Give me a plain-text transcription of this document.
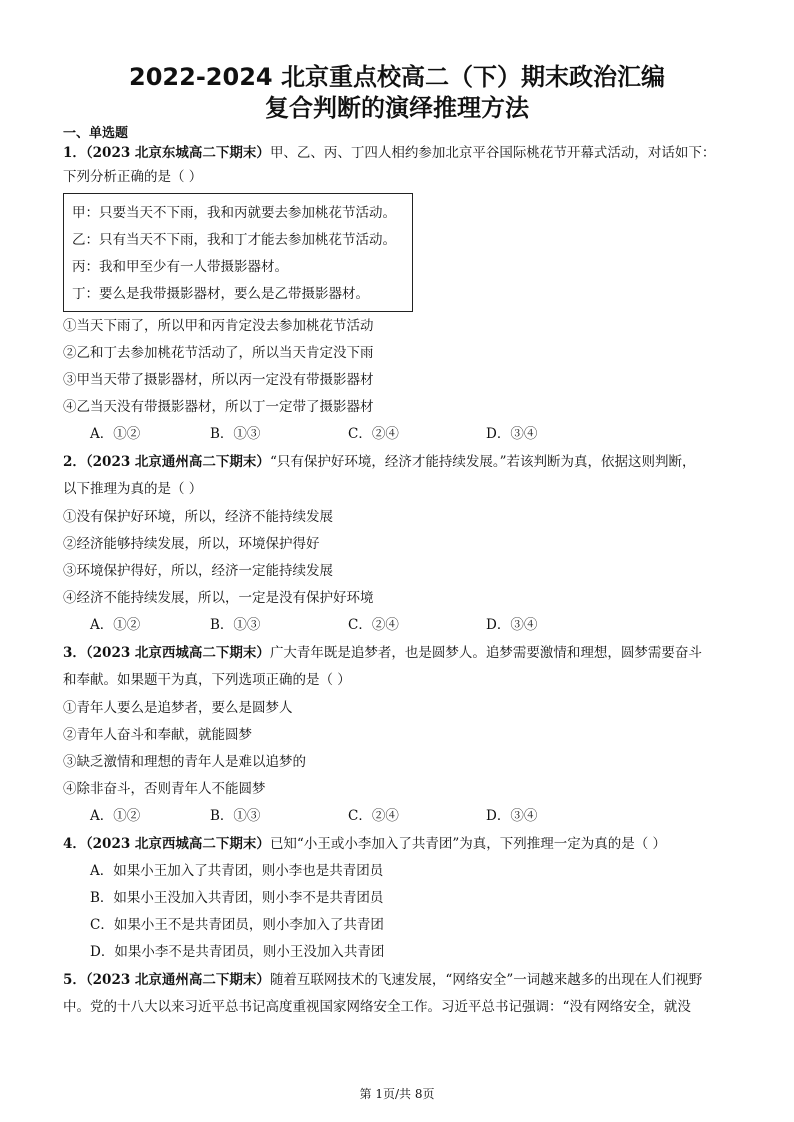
2022-2024 北京重点校高二（下）期末政治汇编
复合判断的演绎推理方法
一、单选题
1．（2023 北京东城高二下期末）甲、乙、丙、丁四人相约参加北京平谷国际桃花节开幕式活动，对话如下：
下列分析正确的是（ ）
甲：只要当天不下雨，我和丙就要去参加桃花节活动。
乙：只有当天不下雨，我和丁才能去参加桃花节活动。
丙：我和甲至少有一人带摄影器材。
丁：要么是我带摄影器材，要么是乙带摄影器材。
①当天下雨了，所以甲和丙肯定没去参加桃花节活动
②乙和丁去参加桃花节活动了，所以当天肯定没下雨
③甲当天带了摄影器材，所以丙一定没有带摄影器材
④乙当天没有带摄影器材，所以丁一定带了摄影器材
A．①②	B．①③	C．②④	D．③④
2．（2023 北京通州高二下期末）“只有保护好环境，经济才能持续发展。”若该判断为真，依据这则判断，
以下推理为真的是（ ）
①没有保护好环境，所以，经济不能持续发展
②经济能够持续发展，所以，环境保护得好
③环境保护得好，所以，经济一定能持续发展
④经济不能持续发展，所以，一定是没有保护好环境
A．①②	B．①③	C．②④	D．③④
3．（2023 北京西城高二下期末）广大青年既是追梦者，也是圆梦人。追梦需要激情和理想，圆梦需要奋斗
和奉献。如果题干为真，下列选项正确的是（ ）
①青年人要么是追梦者，要么是圆梦人
②青年人奋斗和奉献，就能圆梦
③缺乏激情和理想的青年人是难以追梦的
④除非奋斗，否则青年人不能圆梦
A．①②	B．①③	C．②④	D．③④
4．（2023 北京西城高二下期末）已知“小王或小李加入了共青团”为真，下列推理一定为真的是（ ）
A．如果小王加入了共青团，则小李也是共青团员
B．如果小王没加入共青团，则小李不是共青团员
C．如果小王不是共青团员，则小李加入了共青团
D．如果小李不是共青团员，则小王没加入共青团
5．（2023 北京通州高二下期末）随着互联网技术的飞速发展，“网络安全”一词越来越多的出现在人们视野
中。党的十八大以来习近平总书记高度重视国家网络安全工作。习近平总书记强调：“没有网络安全，就没
第 1页/共 8页
